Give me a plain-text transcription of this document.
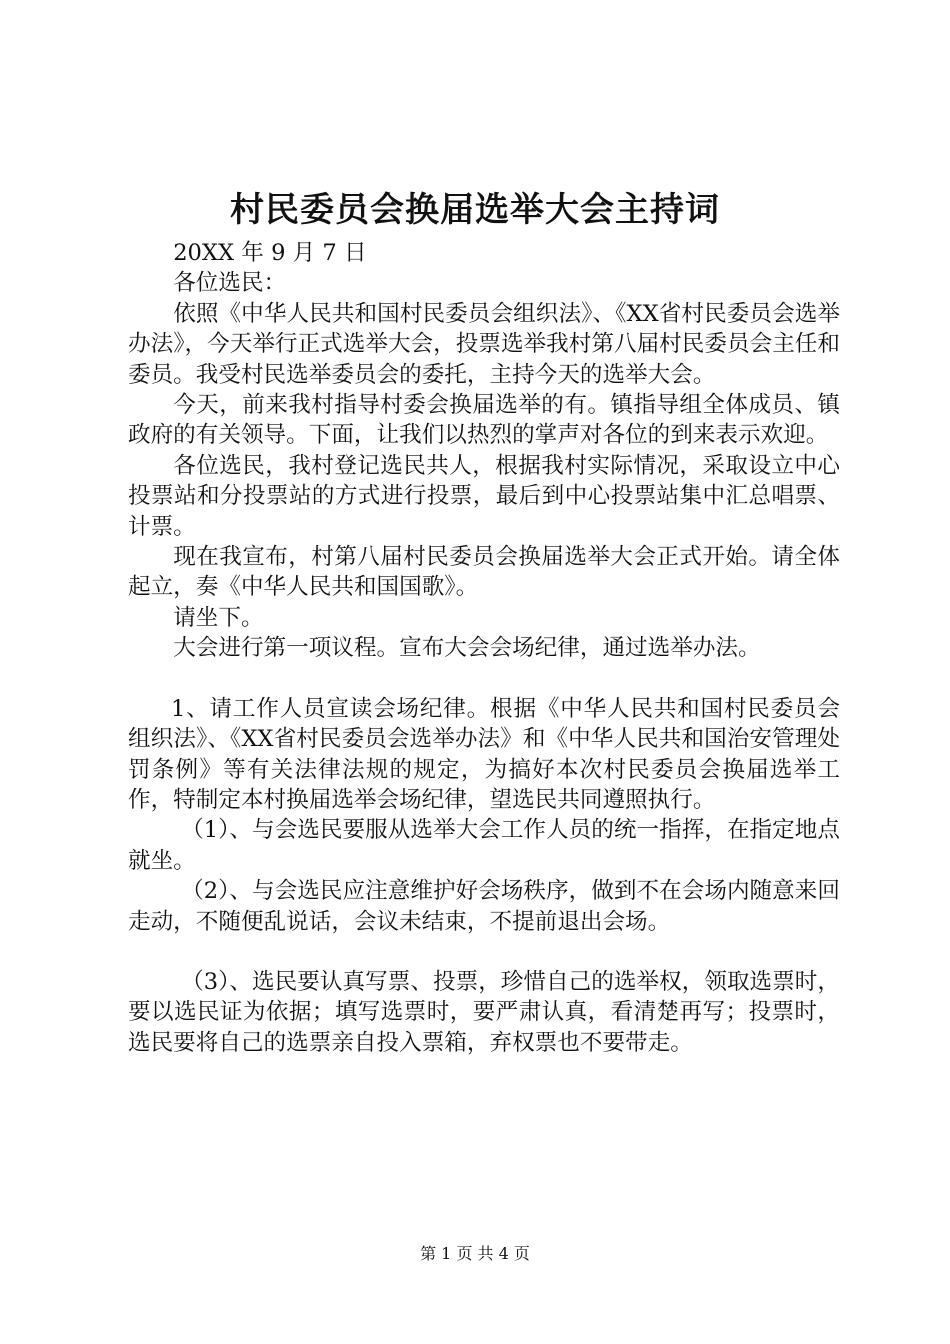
村民委员会换届选举大会主持词

20XX 年 9 月 7 日

各位选民：

依照《中华人民共和国村民委员会组织法》、《XX省村民委员会选举办法》，今天举行正式选举大会，投票选举我村第八届村民委员会主任和委员。我受村民选举委员会的委托，主持今天的选举大会。

今天，前来我村指导村委会换届选举的有。镇指导组全体成员、镇政府的有关领导。下面，让我们以热烈的掌声对各位的到来表示欢迎。

各位选民，我村登记选民共人，根据我村实际情况，采取设立中心投票站和分投票站的方式进行投票，最后到中心投票站集中汇总唱票、计票。

现在我宣布，村第八届村民委员会换届选举大会正式开始。请全体起立，奏《中华人民共和国国歌》。

请坐下。

大会进行第一项议程。宣布大会会场纪律，通过选举办法。

1、请工作人员宣读会场纪律。根据《中华人民共和国村民委员会组织法》、《XX省村民委员会选举办法》和《中华人民共和国治安管理处罚条例》等有关法律法规的规定，为搞好本次村民委员会换届选举工作，特制定本村换届选举会场纪律，望选民共同遵照执行。

（1）、与会选民要服从选举大会工作人员的统一指挥，在指定地点就坐。

（2）、与会选民应注意维护好会场秩序，做到不在会场内随意来回走动，不随便乱说话，会议未结束，不提前退出会场。

（3）、选民要认真写票、投票，珍惜自己的选举权，领取选票时，要以选民证为依据；填写选票时，要严肃认真，看清楚再写；投票时，选民要将自己的选票亲自投入票箱，弃权票也不要带走。

第 1 页 共 4 页
